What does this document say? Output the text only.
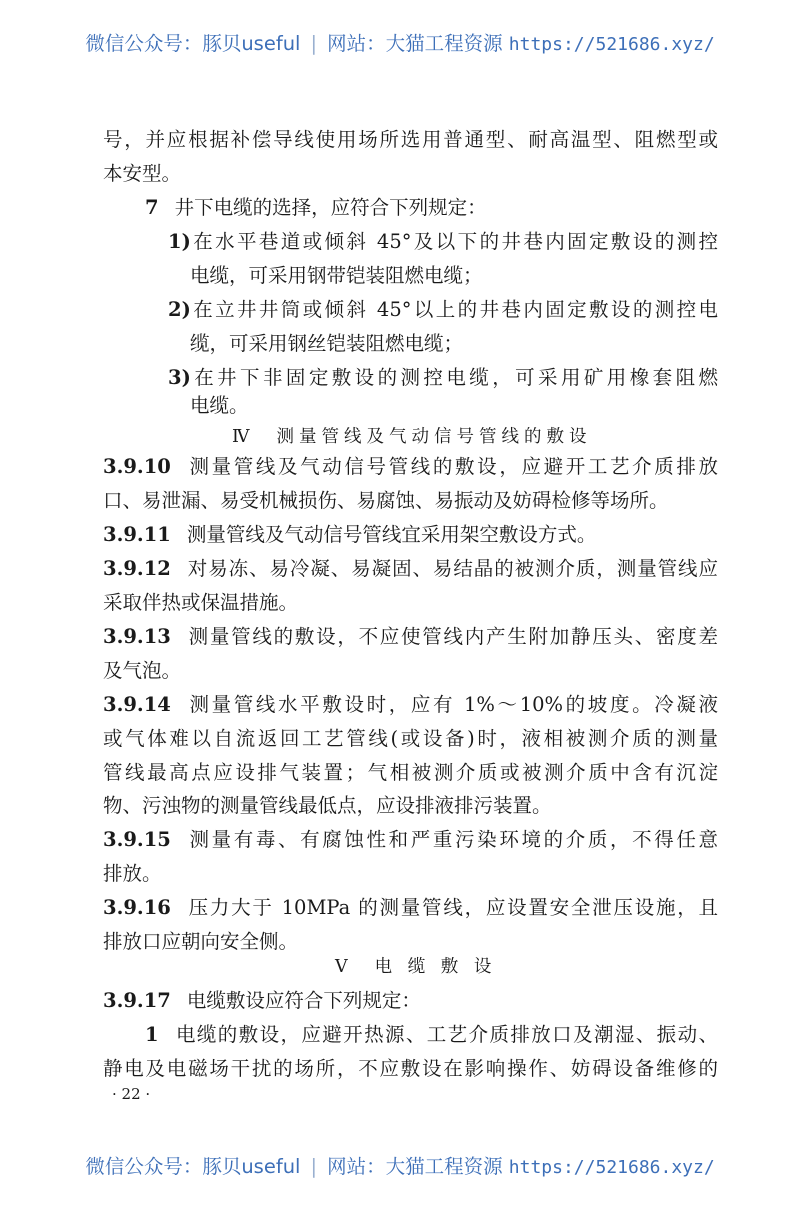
微信公众号：豚贝useful | 网站：大猫工程资源 https://521686.xyz/
号，并应根据补偿导线使用场所选用普通型、耐高温型、阻燃型或
本安型。
7 井下电缆的选择，应符合下列规定：
1)在水平巷道或倾斜 45°及以下的井巷内固定敷设的测控
电缆，可采用钢带铠装阻燃电缆；
2)在立井井筒或倾斜 45°以上的井巷内固定敷设的测控电
缆，可采用钢丝铠装阻燃电缆；
3)在井下非固定敷设的测控电缆，可采用矿用橡套阻燃
电缆。
Ⅳ 测量管线及气动信号管线的敷设
3.9.10 测量管线及气动信号管线的敷设，应避开工艺介质排放
口、易泄漏、易受机械损伤、易腐蚀、易振动及妨碍检修等场所。
3.9.11 测量管线及气动信号管线宜采用架空敷设方式。
3.9.12 对易冻、易冷凝、易凝固、易结晶的被测介质，测量管线应
采取伴热或保温措施。
3.9.13 测量管线的敷设，不应使管线内产生附加静压头、密度差
及气泡。
3.9.14 测量管线水平敷设时，应有 1%～10%的坡度。冷凝液
或气体难以自流返回工艺管线(或设备)时，液相被测介质的测量
管线最高点应设排气装置；气相被测介质或被测介质中含有沉淀
物、污浊物的测量管线最低点，应设排液排污装置。
3.9.15 测量有毒、有腐蚀性和严重污染环境的介质，不得任意
排放。
3.9.16 压力大于 10MPa 的测量管线，应设置安全泄压设施，且
排放口应朝向安全侧。
Ⅴ 电 缆 敷 设
3.9.17 电缆敷设应符合下列规定：
1 电缆的敷设，应避开热源、工艺介质排放口及潮湿、振动、
静电及电磁场干扰的场所，不应敷设在影响操作、妨碍设备维修的
· 22 ·
微信公众号：豚贝useful | 网站：大猫工程资源 https://521686.xyz/
